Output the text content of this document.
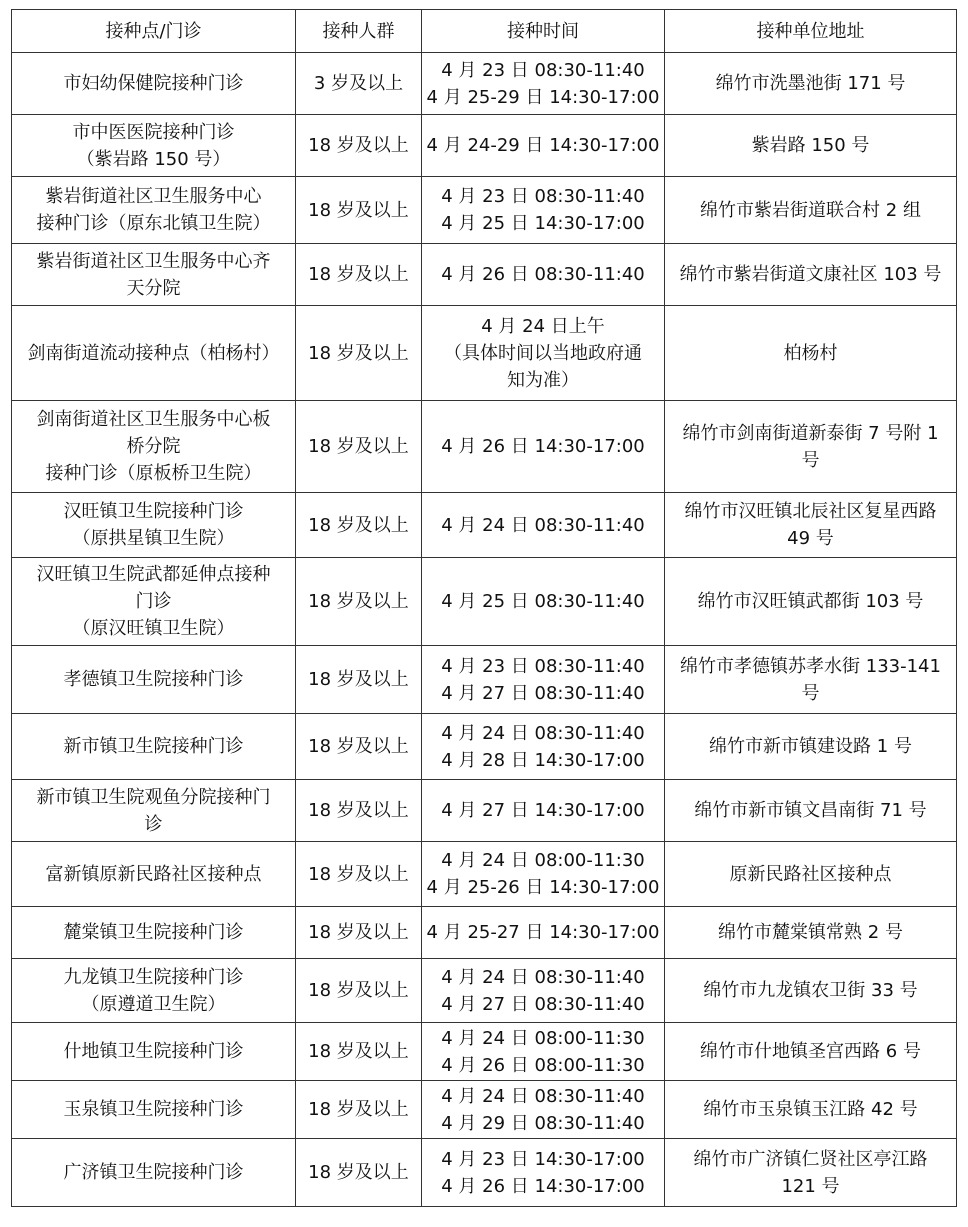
接种点/门诊	接种人群	接种时间	接种单位地址

市妇幼保健院接种门诊	3 岁及以上	4 月 23 日 08:30-11:40
4 月 25-29 日 14:30-17:00	绵竹市洗墨池街 171 号

市中医医院接种门诊
（紫岩路 150 号）	18 岁及以上	4 月 24-29 日 14:30-17:00	紫岩路 150 号

紫岩街道社区卫生服务中心
接种门诊（原东北镇卫生院）	18 岁及以上	4 月 23 日 08:30-11:40
4 月 25 日 14:30-17:00	绵竹市紫岩街道联合村 2 组

紫岩街道社区卫生服务中心齐
天分院	18 岁及以上	4 月 26 日 08:30-11:40	绵竹市紫岩街道文康社区 103 号

剑南街道流动接种点（柏杨村）	18 岁及以上	4 月 24 日上午
（具体时间以当地政府通
知为准）	柏杨村

剑南街道社区卫生服务中心板
桥分院
接种门诊（原板桥卫生院）	18 岁及以上	4 月 26 日 14:30-17:00	绵竹市剑南街道新泰街 7 号附 1
号

汉旺镇卫生院接种门诊
（原拱星镇卫生院）	18 岁及以上	4 月 24 日 08:30-11:40	绵竹市汉旺镇北辰社区复星西路
49 号

汉旺镇卫生院武都延伸点接种
门诊
（原汉旺镇卫生院）	18 岁及以上	4 月 25 日 08:30-11:40	绵竹市汉旺镇武都街 103 号

孝德镇卫生院接种门诊	18 岁及以上	4 月 23 日 08:30-11:40
4 月 27 日 08:30-11:40	绵竹市孝德镇苏孝水街 133-141
号

新市镇卫生院接种门诊	18 岁及以上	4 月 24 日 08:30-11:40
4 月 28 日 14:30-17:00	绵竹市新市镇建设路 1 号

新市镇卫生院观鱼分院接种门
诊	18 岁及以上	4 月 27 日 14:30-17:00	绵竹市新市镇文昌南街 71 号

富新镇原新民路社区接种点	18 岁及以上	4 月 24 日 08:00-11:30
4 月 25-26 日 14:30-17:00	原新民路社区接种点

麓棠镇卫生院接种门诊	18 岁及以上	4 月 25-27 日 14:30-17:00	绵竹市麓棠镇常熟 2 号

九龙镇卫生院接种门诊
（原遵道卫生院）	18 岁及以上	4 月 24 日 08:30-11:40
4 月 27 日 08:30-11:40	绵竹市九龙镇农卫街 33 号

什地镇卫生院接种门诊	18 岁及以上	4 月 24 日 08:00-11:30
4 月 26 日 08:00-11:30	绵竹市什地镇圣宫西路 6 号

玉泉镇卫生院接种门诊	18 岁及以上	4 月 24 日 08:30-11:40
4 月 29 日 08:30-11:40	绵竹市玉泉镇玉江路 42 号

广济镇卫生院接种门诊	18 岁及以上	4 月 23 日 14:30-17:00
4 月 26 日 14:30-17:00	绵竹市广济镇仁贤社区亭江路
121 号
